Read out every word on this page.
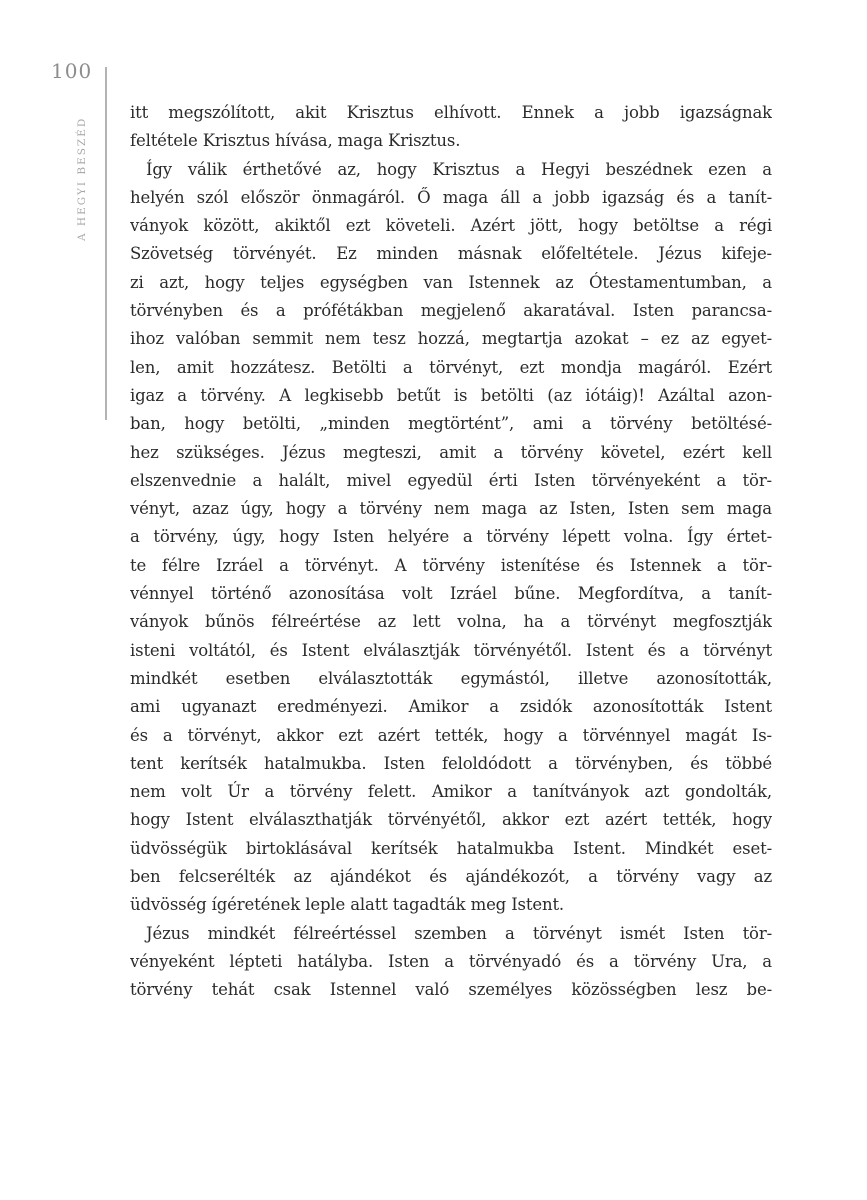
100
A HEGYI BESZÉD
itt megszólított, akit Krisztus elhívott. Ennek a jobb igazságnak
feltétele Krisztus hívása, maga Krisztus.
Így válik érthetővé az, hogy Krisztus a Hegyi beszédnek ezen a
helyén szól először önmagáról. Ő maga áll a jobb igazság és a tanít-
ványok között, akiktől ezt követeli. Azért jött, hogy betöltse a régi
Szövetség törvényét. Ez minden másnak előfeltétele. Jézus kifeje-
zi azt, hogy teljes egységben van Istennek az Ótestamentumban, a
törvényben és a prófétákban megjelenő akaratával. Isten parancsa-
ihoz valóban semmit nem tesz hozzá, megtartja azokat – ez az egyet-
len, amit hozzátesz. Betölti a törvényt, ezt mondja magáról. Ezért
igaz a törvény. A legkisebb betűt is betölti (az iótáig)! Azáltal azon-
ban, hogy betölti, „minden megtörtént”, ami a törvény betöltésé-
hez szükséges. Jézus megteszi, amit a törvény követel, ezért kell
elszenvednie a halált, mivel egyedül érti Isten törvényeként a tör-
vényt, azaz úgy, hogy a törvény nem maga az Isten, Isten sem maga
a törvény, úgy, hogy Isten helyére a törvény lépett volna. Így értet-
te félre Izráel a törvényt. A törvény istenítése és Istennek a tör-
vénnyel történő azonosítása volt Izráel bűne. Megfordítva, a tanít-
ványok bűnös félreértése az lett volna, ha a törvényt megfosztják
isteni voltától, és Istent elválasztják törvényétől. Istent és a törvényt
mindkét esetben elválasztották egymástól, illetve azonosították,
ami ugyanazt eredményezi. Amikor a zsidók azonosították Istent
és a törvényt, akkor ezt azért tették, hogy a törvénnyel magát Is-
tent kerítsék hatalmukba. Isten feloldódott a törvényben, és többé
nem volt Úr a törvény felett. Amikor a tanítványok azt gondolták,
hogy Istent elválaszthatják törvényétől, akkor ezt azért tették, hogy
üdvösségük birtoklásával kerítsék hatalmukba Istent. Mindkét eset-
ben felcserélték az ajándékot és ajándékozót, a törvény vagy az
üdvösség ígéretének leple alatt tagadták meg Istent.
Jézus mindkét félreértéssel szemben a törvényt ismét Isten tör-
vényeként lépteti hatályba. Isten a törvényadó és a törvény Ura, a
törvény tehát csak Istennel való személyes közösségben lesz be-
